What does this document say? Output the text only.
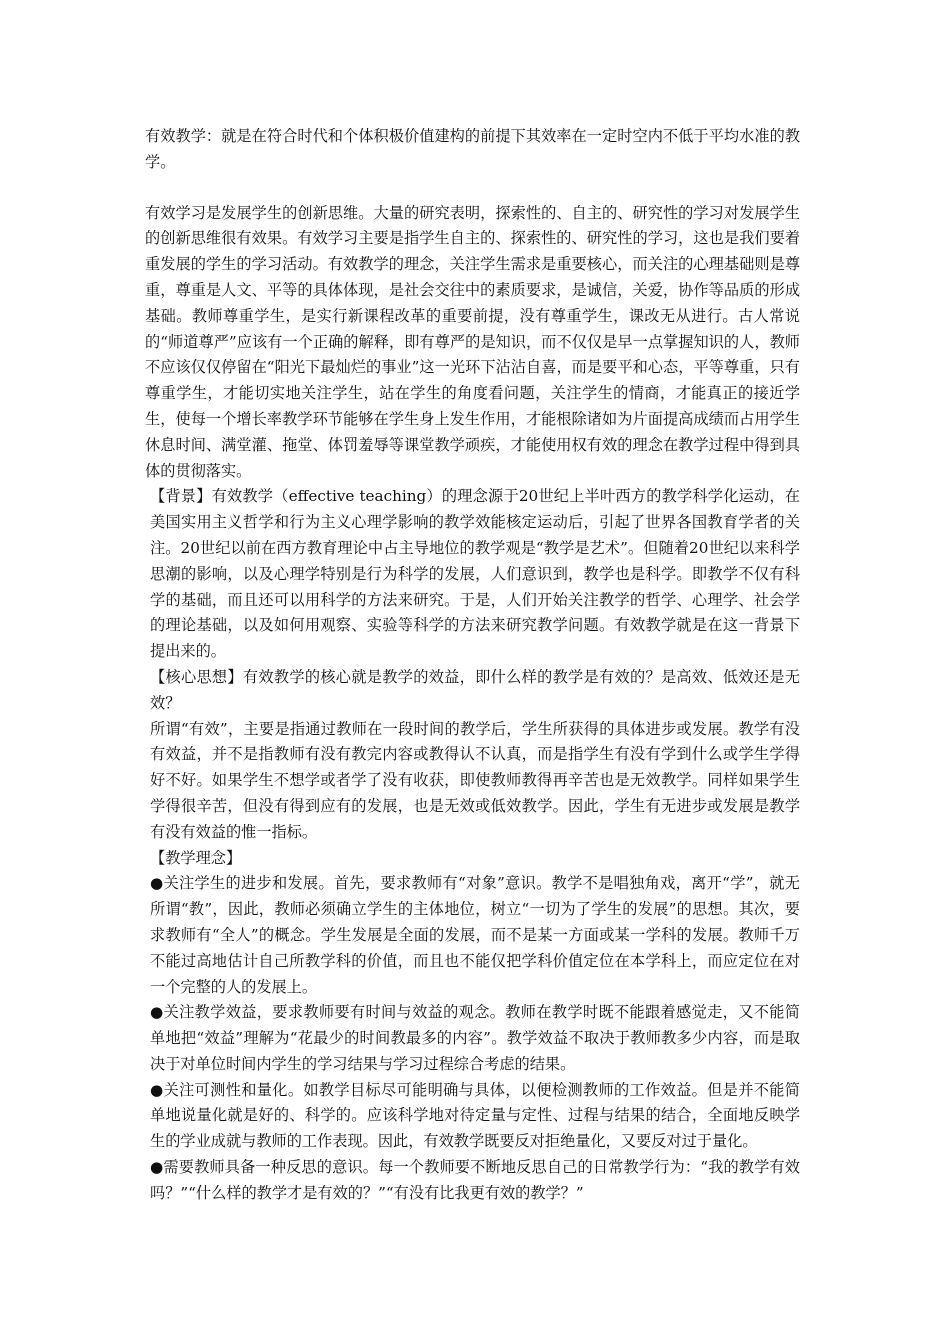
有效教学：就是在符合时代和个体积极价值建构的前提下其效率在一定时空内不低于平均水准的教学。

有效学习是发展学生的创新思维。大量的研究表明，探索性的、自主的、研究性的学习对发展学生的创新思维很有效果。有效学习主要是指学生自主的、探索性的、研究性的学习，这也是我们要着重发展的学生的学习活动。有效教学的理念，关注学生需求是重要核心，而关注的心理基础则是尊重，尊重是人文、平等的具体体现，是社会交往中的素质要求，是诚信，关爱，协作等品质的形成基础。教师尊重学生，是实行新课程改革的重要前提，没有尊重学生，课改无从进行。古人常说的“师道尊严”应该有一个正确的解释，即有尊严的是知识，而不仅仅是早一点掌握知识的人，教师不应该仅仅停留在“阳光下最灿烂的事业”这一光环下沾沾自喜，而是要平和心态，平等尊重，只有尊重学生，才能切实地关注学生，站在学生的角度看问题，关注学生的情商，才能真正的接近学生，使每一个增长率教学环节能够在学生身上发生作用，才能根除诸如为片面提高成绩而占用学生休息时间、满堂灌、拖堂、体罚羞辱等课堂教学顽疾，才能使用权有效的理念在教学过程中得到具体的贯彻落实。

【背景】有效教学（effective teaching）的理念源于20世纪上半叶西方的教学科学化运动，在美国实用主义哲学和行为主义心理学影响的教学效能核定运动后，引起了世界各国教育学者的关注。20世纪以前在西方教育理论中占主导地位的教学观是“教学是艺术”。但随着20世纪以来科学思潮的影响，以及心理学特别是行为科学的发展，人们意识到，教学也是科学。即教学不仅有科学的基础，而且还可以用科学的方法来研究。于是，人们开始关注教学的哲学、心理学、社会学的理论基础，以及如何用观察、实验等科学的方法来研究教学问题。有效教学就是在这一背景下提出来的。

【核心思想】有效教学的核心就是教学的效益，即什么样的教学是有效的？是高效、低效还是无效？

所谓“有效”，主要是指通过教师在一段时间的教学后，学生所获得的具体进步或发展。教学有没有效益，并不是指教师有没有教完内容或教得认不认真，而是指学生有没有学到什么或学生学得好不好。如果学生不想学或者学了没有收获，即使教师教得再辛苦也是无效教学。同样如果学生学得很辛苦，但没有得到应有的发展，也是无效或低效教学。因此，学生有无进步或发展是教学有没有效益的惟一指标。

【教学理念】

●关注学生的进步和发展。首先，要求教师有“对象”意识。教学不是唱独角戏，离开“学”，就无所谓“教”，因此，教师必须确立学生的主体地位，树立“一切为了学生的发展”的思想。其次，要求教师有“全人”的概念。学生发展是全面的发展，而不是某一方面或某一学科的发展。教师千万不能过高地估计自己所教学科的价值，而且也不能仅把学科价值定位在本学科上，而应定位在对一个完整的人的发展上。

●关注教学效益，要求教师要有时间与效益的观念。教师在教学时既不能跟着感觉走，又不能简单地把“效益”理解为“花最少的时间教最多的内容”。教学效益不取决于教师教多少内容，而是取决于对单位时间内学生的学习结果与学习过程综合考虑的结果。

●关注可测性和量化。如教学目标尽可能明确与具体，以便检测教师的工作效益。但是并不能简单地说量化就是好的、科学的。应该科学地对待定量与定性、过程与结果的结合，全面地反映学生的学业成就与教师的工作表现。因此，有效教学既要反对拒绝量化，又要反对过于量化。

●需要教师具备一种反思的意识。每一个教师要不断地反思自己的日常教学行为：“我的教学有效吗？”“什么样的教学才是有效的？”“有没有比我更有效的教学？”
